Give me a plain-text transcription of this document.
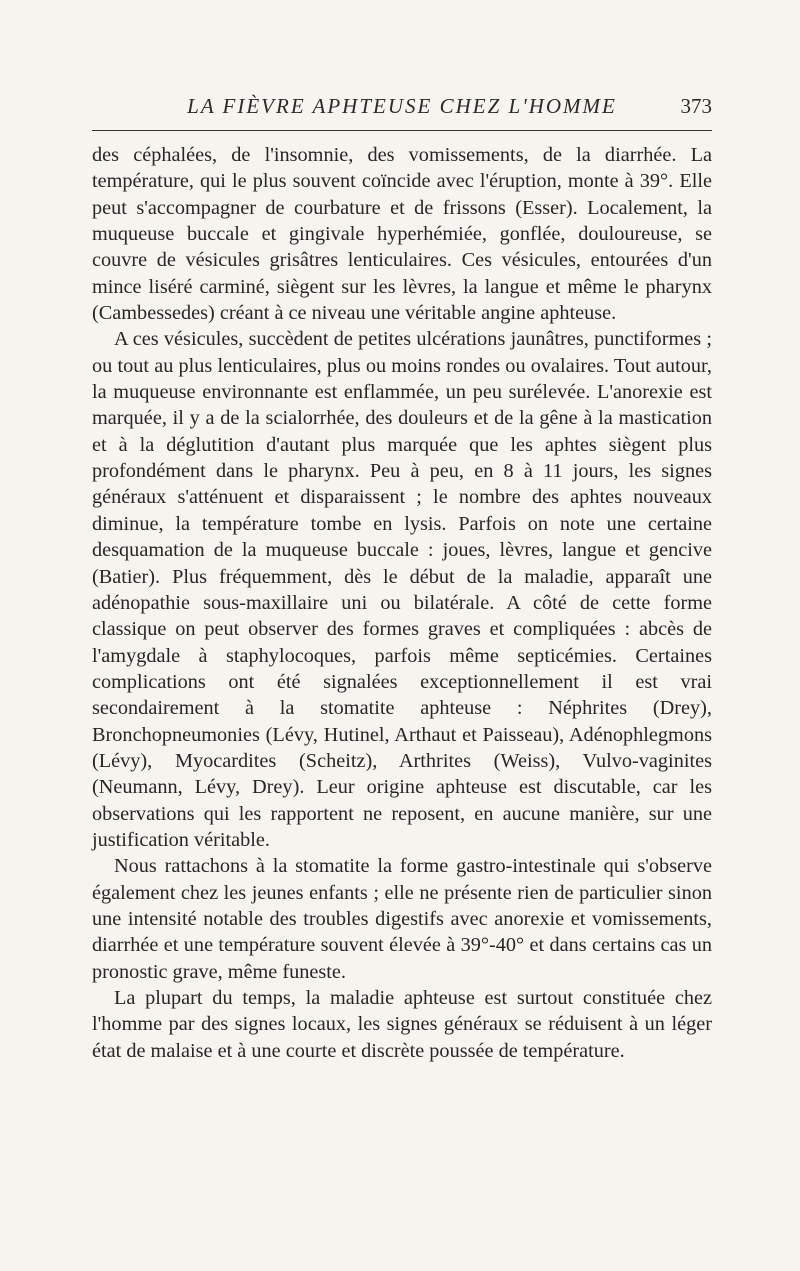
LA FIÈVRE APHTEUSE CHEZ L'HOMME	373

des céphalées, de l'insomnie, des vomissements, de la diarrhée. La température, qui le plus souvent coïncide avec l'éruption, monte à 39°. Elle peut s'accompagner de courbature et de frissons (Esser). Localement, la muqueuse buccale et gingivale hyperhémiée, gonflée, douloureuse, se couvre de vésicules grisâtres lenticulaires. Ces vésicules, entourées d'un mince liséré carminé, siègent sur les lèvres, la langue et même le pharynx (Cambessedes) créant à ce niveau une véritable angine aphteuse.

A ces vésicules, succèdent de petites ulcérations jaunâtres, punctiformes ; ou tout au plus lenticulaires, plus ou moins rondes ou ovalaires. Tout autour, la muqueuse environnante est enflammée, un peu surélevée. L'anorexie est marquée, il y a de la scialorrhée, des douleurs et de la gêne à la mastication et à la déglutition d'autant plus marquée que les aphtes siègent plus profondément dans le pharynx. Peu à peu, en 8 à 11 jours, les signes généraux s'atténuent et disparaissent ; le nombre des aphtes nouveaux diminue, la température tombe en lysis. Parfois on note une certaine desquamation de la muqueuse buccale : joues, lèvres, langue et gencive (Batier). Plus fréquemment, dès le début de la maladie, apparaît une adénopathie sous-maxillaire uni ou bilatérale. A côté de cette forme classique on peut observer des formes graves et compliquées : abcès de l'amygdale à staphylocoques, parfois même septicémies. Certaines complications ont été signalées exceptionnellement il est vrai secondairement à la stomatite aphteuse : Néphrites (Drey), Bronchopneumonies (Lévy, Hutinel, Arthaut et Paisseau), Adénophlegmons (Lévy), Myocardites (Scheitz), Arthrites (Weiss), Vulvo-vaginites (Neumann, Lévy, Drey). Leur origine aphteuse est discutable, car les observations qui les rapportent ne reposent, en aucune manière, sur une justification véritable.

Nous rattachons à la stomatite la forme gastro-intestinale qui s'observe également chez les jeunes enfants ; elle ne présente rien de particulier sinon une intensité notable des troubles digestifs avec anorexie et vomissements, diarrhée et une température souvent élevée à 39°-40° et dans certains cas un pronostic grave, même funeste.

La plupart du temps, la maladie aphteuse est surtout constituée chez l'homme par des signes locaux, les signes généraux se réduisent à un léger état de malaise et à une courte et discrète poussée de température.
